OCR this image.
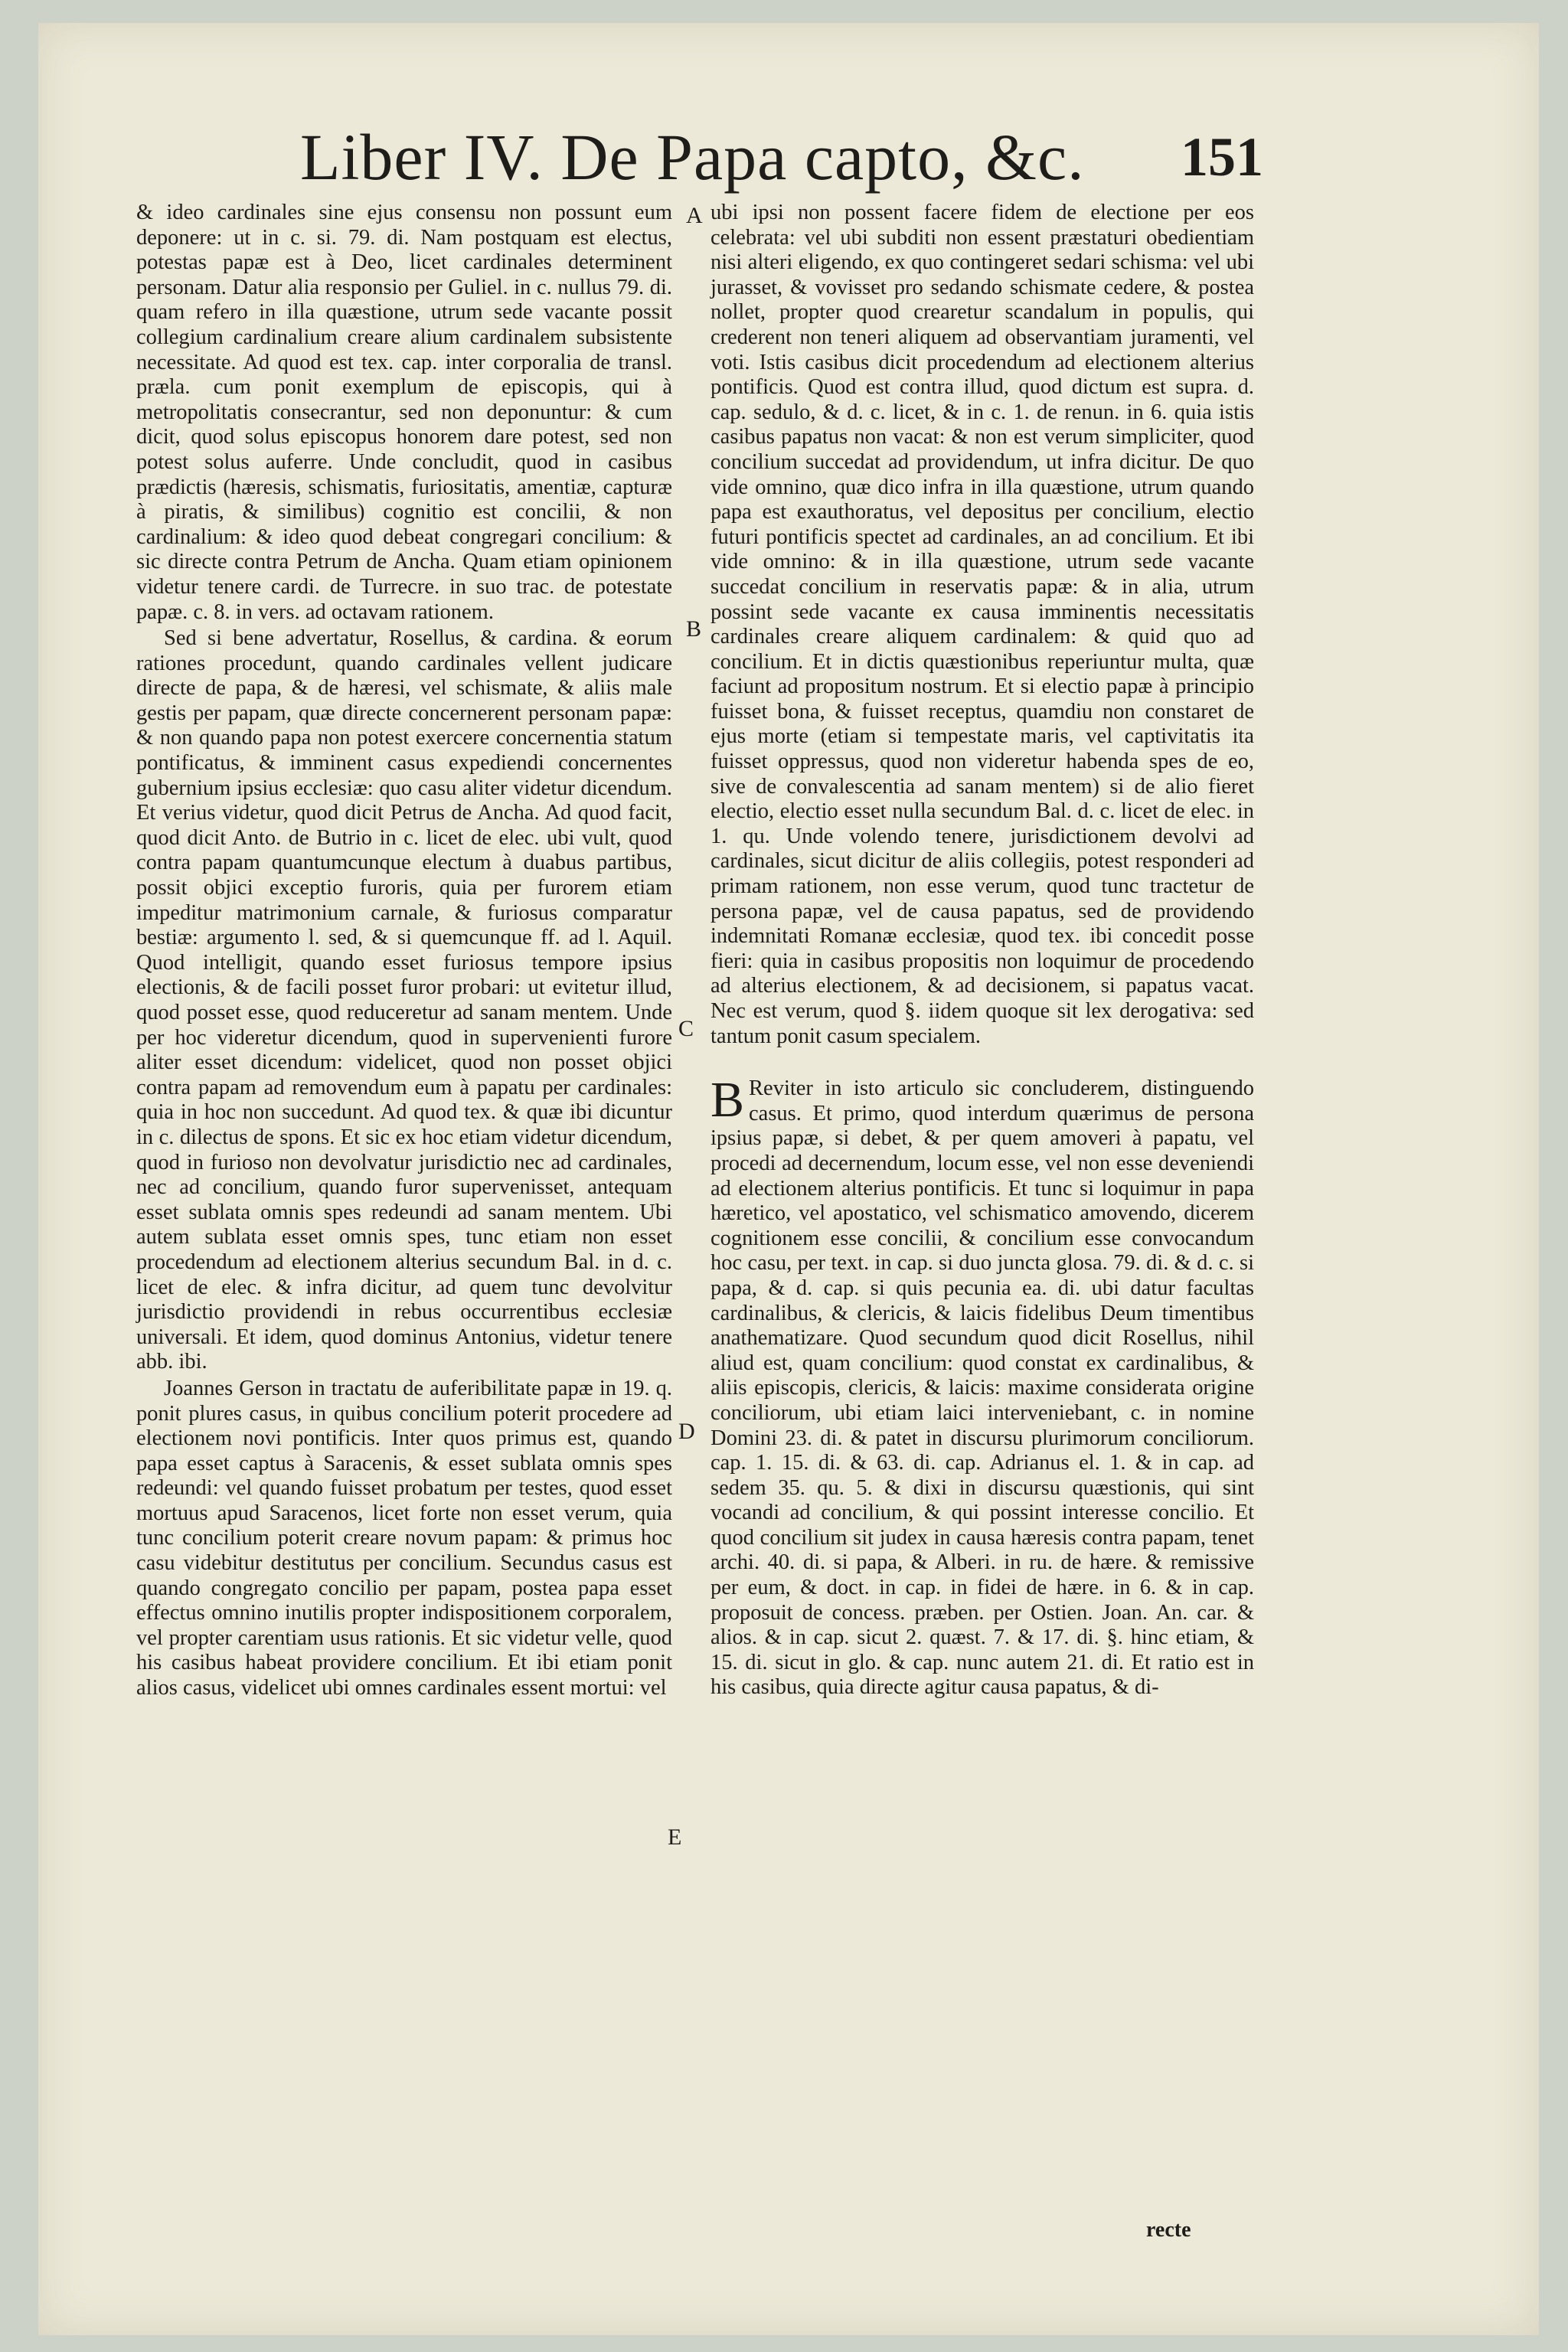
Liber IV. De Papa capto, &c. 151

& ideo cardinales sine ejus consensu non possunt eum deponere: ut in c. si. 79. di. Nam postquam est electus, potestas papæ est à Deo, licet cardinales determinent personam. Datur alia responsio per Guliel. in c. nullus 79. di. quam refero in illa quæstione, utrum sede vacante possit collegium cardinalium creare alium cardinalem subsistente necessitate. Ad quod est tex. cap. inter corporalia de transl. præla. cum ponit exemplum de episcopis, qui à metropolitatis consecrantur, sed non deponuntur: & cum dicit, quod solus episcopus honorem dare potest, sed non potest solus auferre. Unde concludit, quod in casibus prædictis (hæresis, schismatis, furiositatis, amentiæ, capturæ à piratis, & similibus) cognitio est concilii, & non cardinalium: & ideo quod debeat congregari concilium: & sic directe contra Petrum de Ancha. Quam etiam opinionem videtur tenere cardi. de Turrecre. in suo trac. de potestate papæ. c. 8. in vers. ad octavam rationem.

Sed si bene advertatur, Rosellus, & cardina. & eorum rationes procedunt, quando cardinales vellent judicare directe de papa, & de hæresi, vel schismate, & aliis male gestis per papam, quæ directe concernerent personam papæ: & non quando papa non potest exercere concernentia statum pontificatus, & imminent casus expediendi concernentes gubernium ipsius ecclesiæ: quo casu aliter videtur dicendum. Et verius videtur, quod dicit Petrus de Ancha. Ad quod facit, quod dicit Anto. de Butrio in c. licet de elec. ubi vult, quod contra papam quantumcunque electum à duabus partibus, possit objici exceptio furoris, quia per furorem etiam impeditur matrimonium carnale, & furiosus comparatur bestiæ: argumento l. sed, & si quemcunque ff. ad l. Aquil. Quod intelligit, quando esset furiosus tempore ipsius electionis, & de facili posset furor probari: ut evitetur illud, quod posset esse, quod reduceretur ad sanam mentem. Unde per hoc videretur dicendum, quod in supervenienti furore aliter esset dicendum: videlicet, quod non posset objici contra papam ad removendum eum à papatu per cardinales: quia in hoc non succedunt. Ad quod tex. & quæ ibi dicuntur in c. dilectus de spons. Et sic ex hoc etiam videtur dicendum, quod in furioso non devolvatur jurisdictio nec ad cardinales, nec ad concilium, quando furor supervenisset, antequam esset sublata omnis spes redeundi ad sanam mentem. Ubi autem sublata esset omnis spes, tunc etiam non esset procedendum ad electionem alterius secundum Bal. in d. c. licet de elec. & infra dicitur, ad quem tunc devolvitur jurisdictio providendi in rebus occurrentibus ecclesiæ universali. Et idem, quod dominus Antonius, videtur tenere abb. ibi.

Joannes Gerson in tractatu de auferibilitate papæ in 19. q. ponit plures casus, in quibus concilium poterit procedere ad electionem novi pontificis. Inter quos primus est, quando papa esset captus à Saracenis, & esset sublata omnis spes redeundi: vel quando fuisset probatum per testes, quod esset mortuus apud Saracenos, licet forte non esset verum, quia tunc concilium poterit creare novum papam: & primus hoc casu videbitur destitutus per concilium. Secundus casus est quando congregato concilio per papam, postea papa esset effectus omnino inutilis propter indispositionem corporalem, vel propter carentiam usus rationis. Et sic videtur velle, quod his casibus habeat providere concilium. Et ibi etiam ponit alios casus, videlicet ubi omnes cardinales essent mortui: vel

A
B
C
D
E

ubi ipsi non possent facere fidem de electione per eos celebrata: vel ubi subditi non essent præstaturi obedientiam nisi alteri eligendo, ex quo contingeret sedari schisma: vel ubi jurasset, & vovisset pro sedando schismate cedere, & postea nollet, propter quod crearetur scandalum in populis, qui crederent non teneri aliquem ad observantiam juramenti, vel voti. Istis casibus dicit procedendum ad electionem alterius pontificis. Quod est contra illud, quod dictum est supra. d. cap. sedulo, & d. c. licet, & in c. 1. de renun. in 6. quia istis casibus papatus non vacat: & non est verum simpliciter, quod concilium succedat ad providendum, ut infra dicitur. De quo vide omnino, quæ dico infra in illa quæstione, utrum quando papa est exauthoratus, vel depositus per concilium, electio futuri pontificis spectet ad cardinales, an ad concilium. Et ibi vide omnino: & in illa quæstione, utrum sede vacante succedat concilium in reservatis papæ: & in alia, utrum possint sede vacante ex causa imminentis necessitatis cardinales creare aliquem cardinalem: & quid quo ad concilium. Et in dictis quæstionibus reperiuntur multa, quæ faciunt ad propositum nostrum. Et si electio papæ à principio fuisset bona, & fuisset receptus, quamdiu non constaret de ejus morte (etiam si tempestate maris, vel captivitatis ita fuisset oppressus, quod non videretur habenda spes de eo, sive de convalescentia ad sanam mentem) si de alio fieret electio, electio esset nulla secundum Bal. d. c. licet de elec. in 1. qu. Unde volendo tenere, jurisdictionem devolvi ad cardinales, sicut dicitur de aliis collegiis, potest responderi ad primam rationem, non esse verum, quod tunc tractetur de persona papæ, vel de causa papatus, sed de providendo indemnitati Romanæ ecclesiæ, quod tex. ibi concedit posse fieri: quia in casibus propositis non loquimur de procedendo ad alterius electionem, & ad decisionem, si papatus vacat. Nec est verum, quod §. iidem quoque sit lex derogativa: sed tantum ponit casum specialem.

B Reviter in isto articulo sic concluderem, distinguendo casus. Et primo, quod interdum quærimus de persona ipsius papæ, si debet, & per quem amoveri à papatu, vel procedi ad decernendum, locum esse, vel non esse deveniendi ad electionem alterius pontificis. Et tunc si loquimur in papa hæretico, vel apostatico, vel schismatico amovendo, dicerem cognitionem esse concilii, & concilium esse convocandum hoc casu, per text. in cap. si duo juncta glosa. 79. di. & d. c. si papa, & d. cap. si quis pecunia ea. di. ubi datur facultas cardinalibus, & clericis, & laicis fidelibus Deum timentibus anathematizare. Quod secundum quod dicit Rosellus, nihil aliud est, quam concilium: quod constat ex cardinalibus, & aliis episcopis, clericis, & laicis: maxime considerata origine conciliorum, ubi etiam laici interveniebant, c. in nomine Domini 23. di. & patet in discursu plurimorum conciliorum. cap. 1. 15. di. & 63. di. cap. Adrianus el. 1. & in cap. ad sedem 35. qu. 5. & dixi in discursu quæstionis, qui sint vocandi ad concilium, & qui possint interesse concilio. Et quod concilium sit judex in causa hæresis contra papam, tenet archi. 40. di. si papa, & Alberi. in ru. de hære. & remissive per eum, & doct. in cap. in fidei de hære. in 6. & in cap. proposuit de concess. præben. per Ostien. Joan. An. car. & alios. & in cap. sicut 2. quæst. 7. & 17. di. §. hinc etiam, & 15. di. sicut in glo. & cap. nunc autem 21. di. Et ratio est in his casibus, quia directe agitur causa papatus, & di-

recte
